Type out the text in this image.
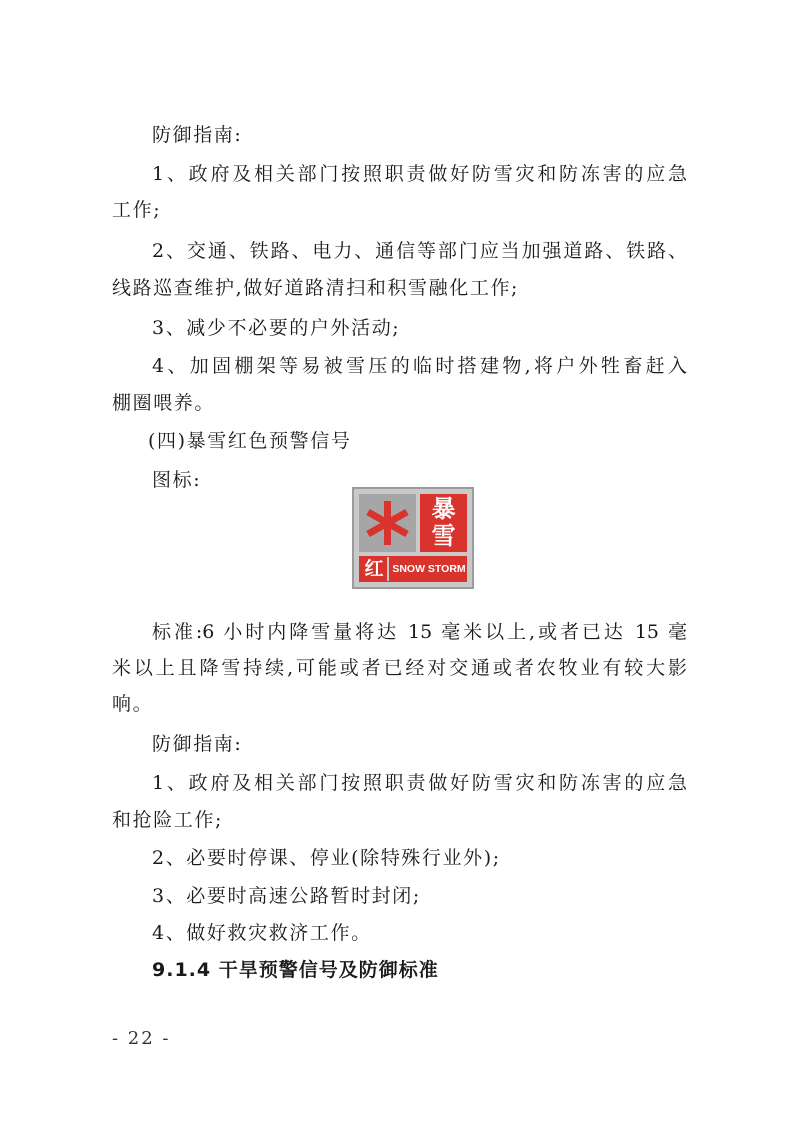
防御指南:
1、政府及相关部门按照职责做好防雪灾和防冻害的应急
工作;
2、交通、铁路、电力、通信等部门应当加强道路、铁路、
线路巡查维护,做好道路清扫和积雪融化工作;
3、减少不必要的户外活动;
4、加固棚架等易被雪压的临时搭建物,将户外牲畜赶入
棚圈喂养。
(四)暴雪红色预警信号
图标:
暴
雪
红 SNOW STORM
标准:6 小时内降雪量将达 15 毫米以上,或者已达 15 毫
米以上且降雪持续,可能或者已经对交通或者农牧业有较大影
响。
防御指南:
1、政府及相关部门按照职责做好防雪灾和防冻害的应急
和抢险工作;
2、必要时停课、停业(除特殊行业外);
3、必要时高速公路暂时封闭;
4、做好救灾救济工作。
9.1.4 干旱预警信号及防御标准
- 22 -
